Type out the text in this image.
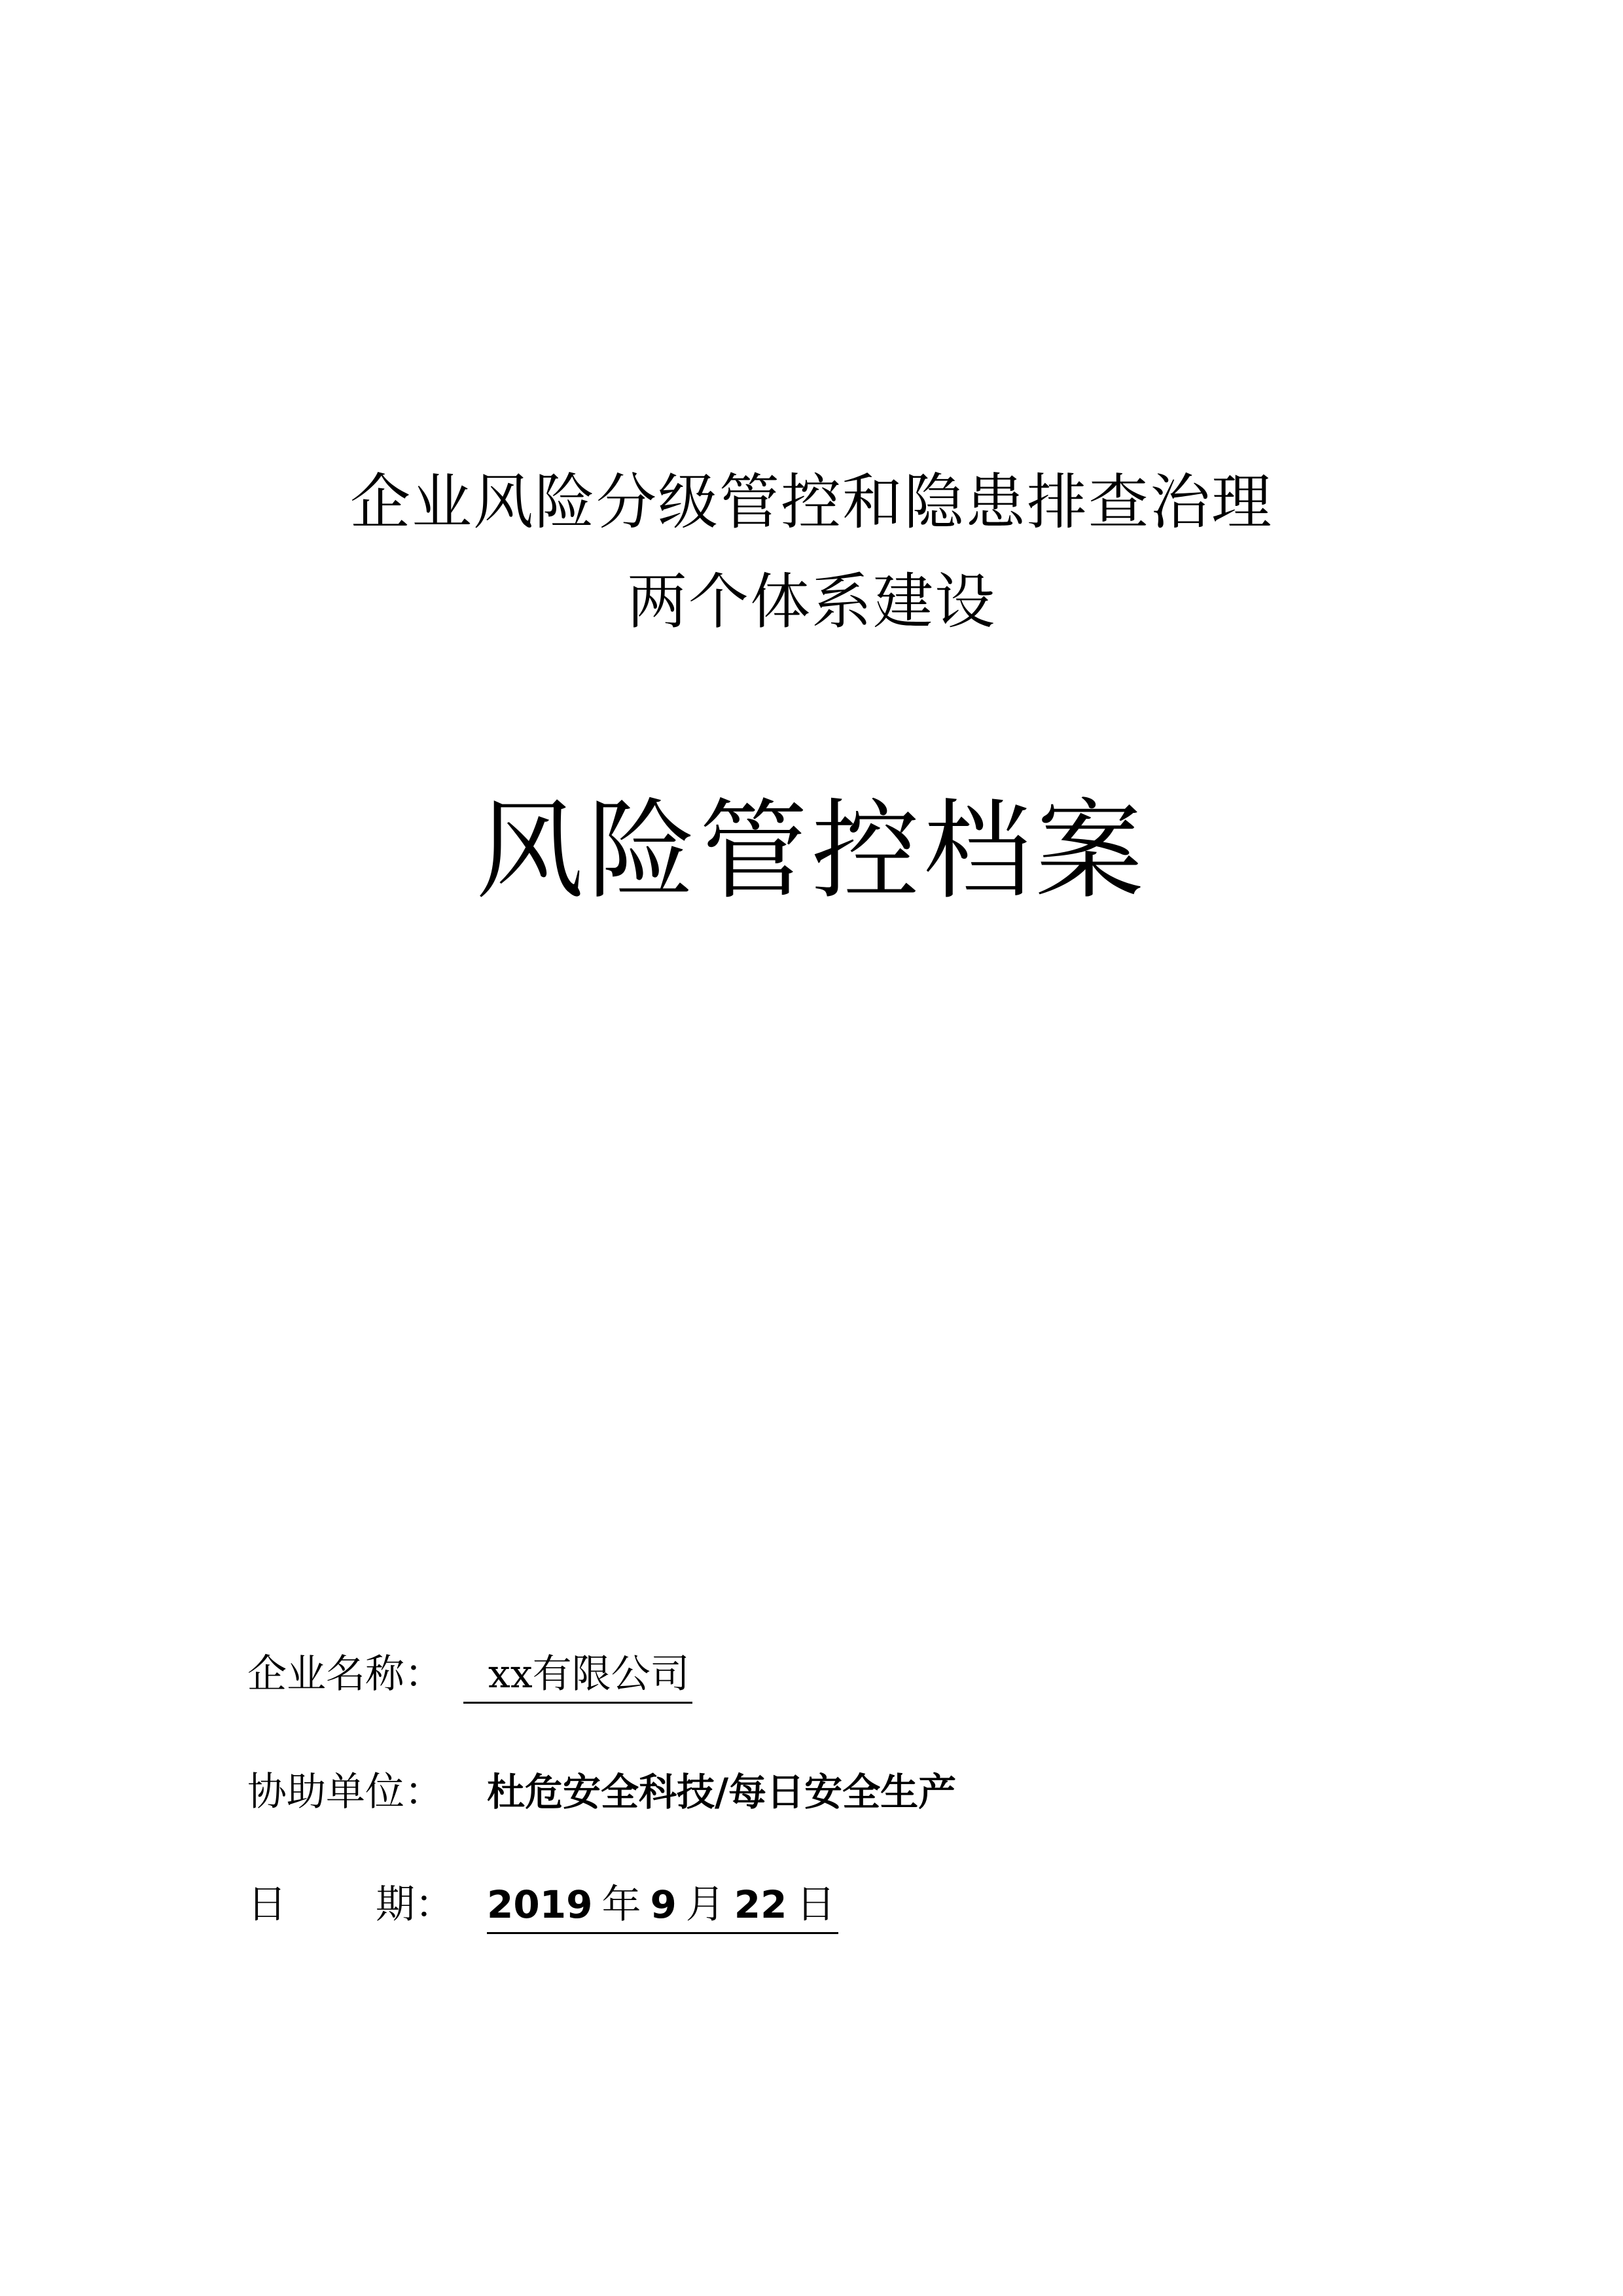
企业风险分级管控和隐患排查治理
两个体系建设
风险管控档案
企业名称：	xx有限公司
协助单位： 杜危安全科技/每日安全生产
日 期： 2019 年 9 月 22 日
